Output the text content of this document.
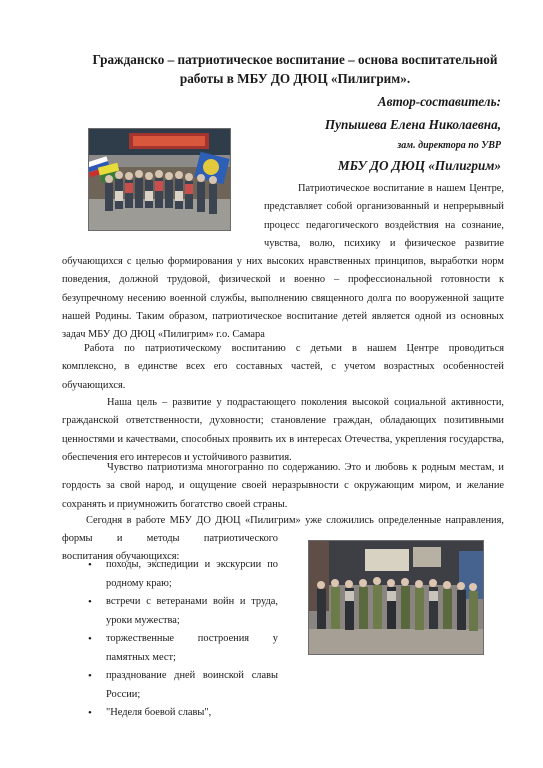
Гражданско – патриотическое воспитание – основа воспитательной
работы в МБУ ДО ДЮЦ «Пилигрим».
Автор-составитель:
Пупышева Елена Николаевна,
зам. директора по УВР
МБУ ДО ДЮЦ «Пилигрим»
Патриотическое воспитание в нашем Центре,
представляет собой организованный и непрерывный
процесс педагогического воздействия на сознание,
чувства, волю, психику и физическое развитие
обучающихся с целью формирования у них высоких нравственных принципов, выработки норм
поведения, должной трудовой, физической и военно – профессиональной готовности к
безупречному несению военной службы, выполнению священного долга по вооруженной защите
нашей Родины. Таким образом, патриотическое воспитание детей является одной из основных
задач МБУ ДО ДЮЦ «Пилигрим» г.о. Самара
Работа по патриотическому воспитанию с детьми в нашем Центре проводиться
комплексно, в единстве всех его составных частей, с учетом возрастных особенностей
обучающихся.
Наша цель – развитие у подрастающего поколения высокой социальной активности,
гражданской ответственности, духовности; становление граждан, обладающих позитивными
ценностями и качествами, способных проявить их в интересах Отечества, укрепления государства,
обеспечения его интересов и устойчивого развития.
Чувство патриотизма многогранно по содержанию. Это и любовь к родным местам, и
гордость за свой народ, и ощущение своей неразрывности с окружающим миром, и желание
сохранять и приумножить богатство своей страны.
Сегодня в работе МБУ ДО ДЮЦ «Пилигрим» уже сложились определенные направления,
формы и методы патриотического
воспитания обучающихся:
• походы, экспедиции и экскурсии по
родному краю;
• встречи с ветеранами войн и труда,
уроки мужества;
• торжественные построения у
памятных мест;
• празднование дней воинской славы
России;
• "Неделя боевой славы",
